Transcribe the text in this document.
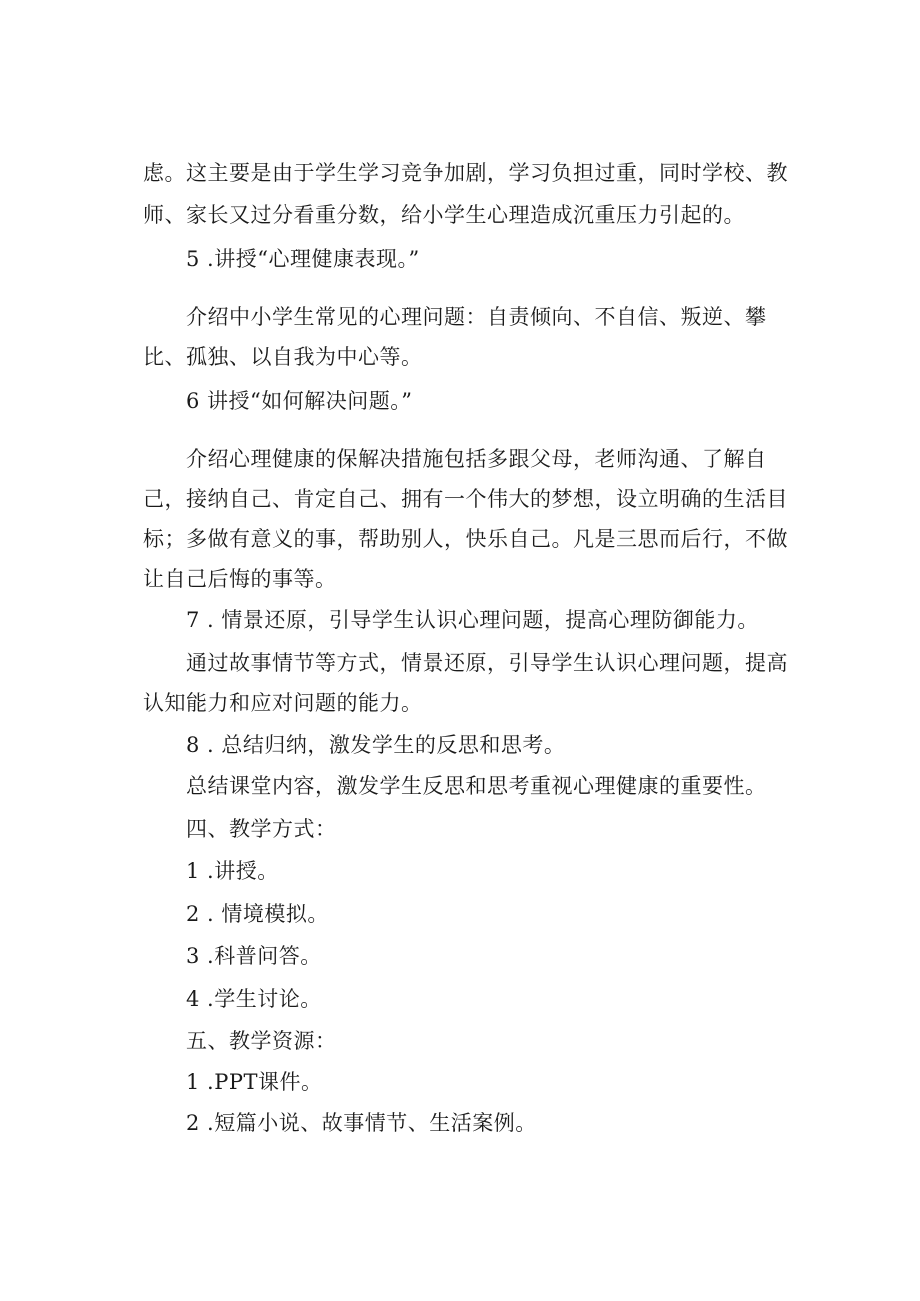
虑。这主要是由于学生学习竞争加剧，学习负担过重，同时学校、教
师、家长又过分看重分数，给小学生心理造成沉重压力引起的。
5 .讲授“心理健康表现。”
介绍中小学生常见的心理问题：自责倾向、不自信、叛逆、攀
比、孤独、以自我为中心等。
6 讲授“如何解决问题。”
介绍心理健康的保解决措施包括多跟父母，老师沟通、了解自
己，接纳自己、肯定自己、拥有一个伟大的梦想，设立明确的生活目
标；多做有意义的事，帮助别人，快乐自己。凡是三思而后行，不做
让自己后悔的事等。
7 . 情景还原，引导学生认识心理问题，提高心理防御能力。
通过故事情节等方式，情景还原，引导学生认识心理问题，提高
认知能力和应对问题的能力。
8 . 总结归纳，激发学生的反思和思考。
总结课堂内容，激发学生反思和思考重视心理健康的重要性。
四、教学方式：
1 .讲授。
2 . 情境模拟。
3 .科普问答。
4 .学生讨论。
五、教学资源：
1 .PPT课件。
2 .短篇小说、故事情节、生活案例。
